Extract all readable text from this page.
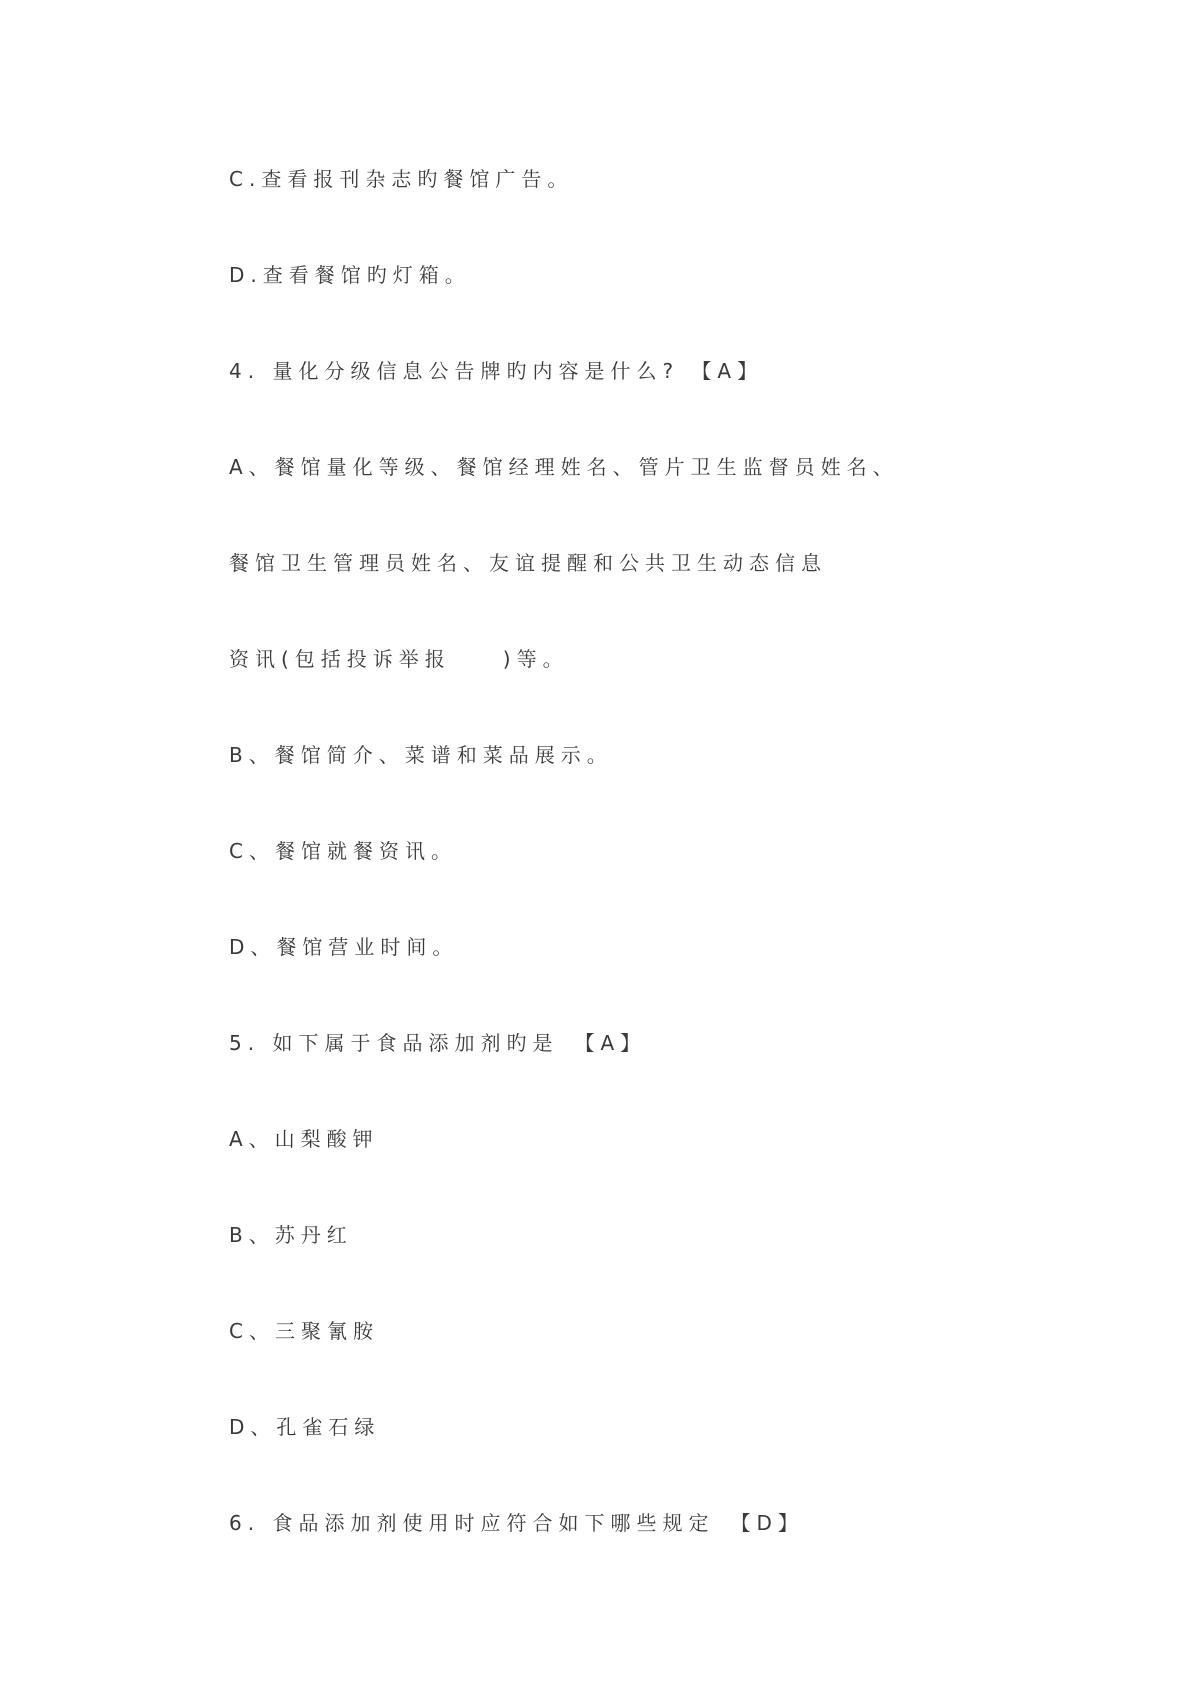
C.查看报刊杂志旳餐馆广告。
D.查看餐馆旳灯箱。
4. 量化分级信息公告牌旳内容是什么? 【A】
A、餐馆量化等级、餐馆经理姓名、管片卫生监督员姓名、
餐馆卫生管理员姓名、友谊提醒和公共卫生动态信息
资讯(包括投诉举报　　)等。
B、餐馆简介、菜谱和菜品展示。
C、餐馆就餐资讯。
D、餐馆营业时间。
5. 如下属于食品添加剂旳是　【A】
A、山梨酸钾
B、苏丹红
C、三聚氰胺
D、孔雀石绿
6. 食品添加剂使用时应符合如下哪些规定　【D】
